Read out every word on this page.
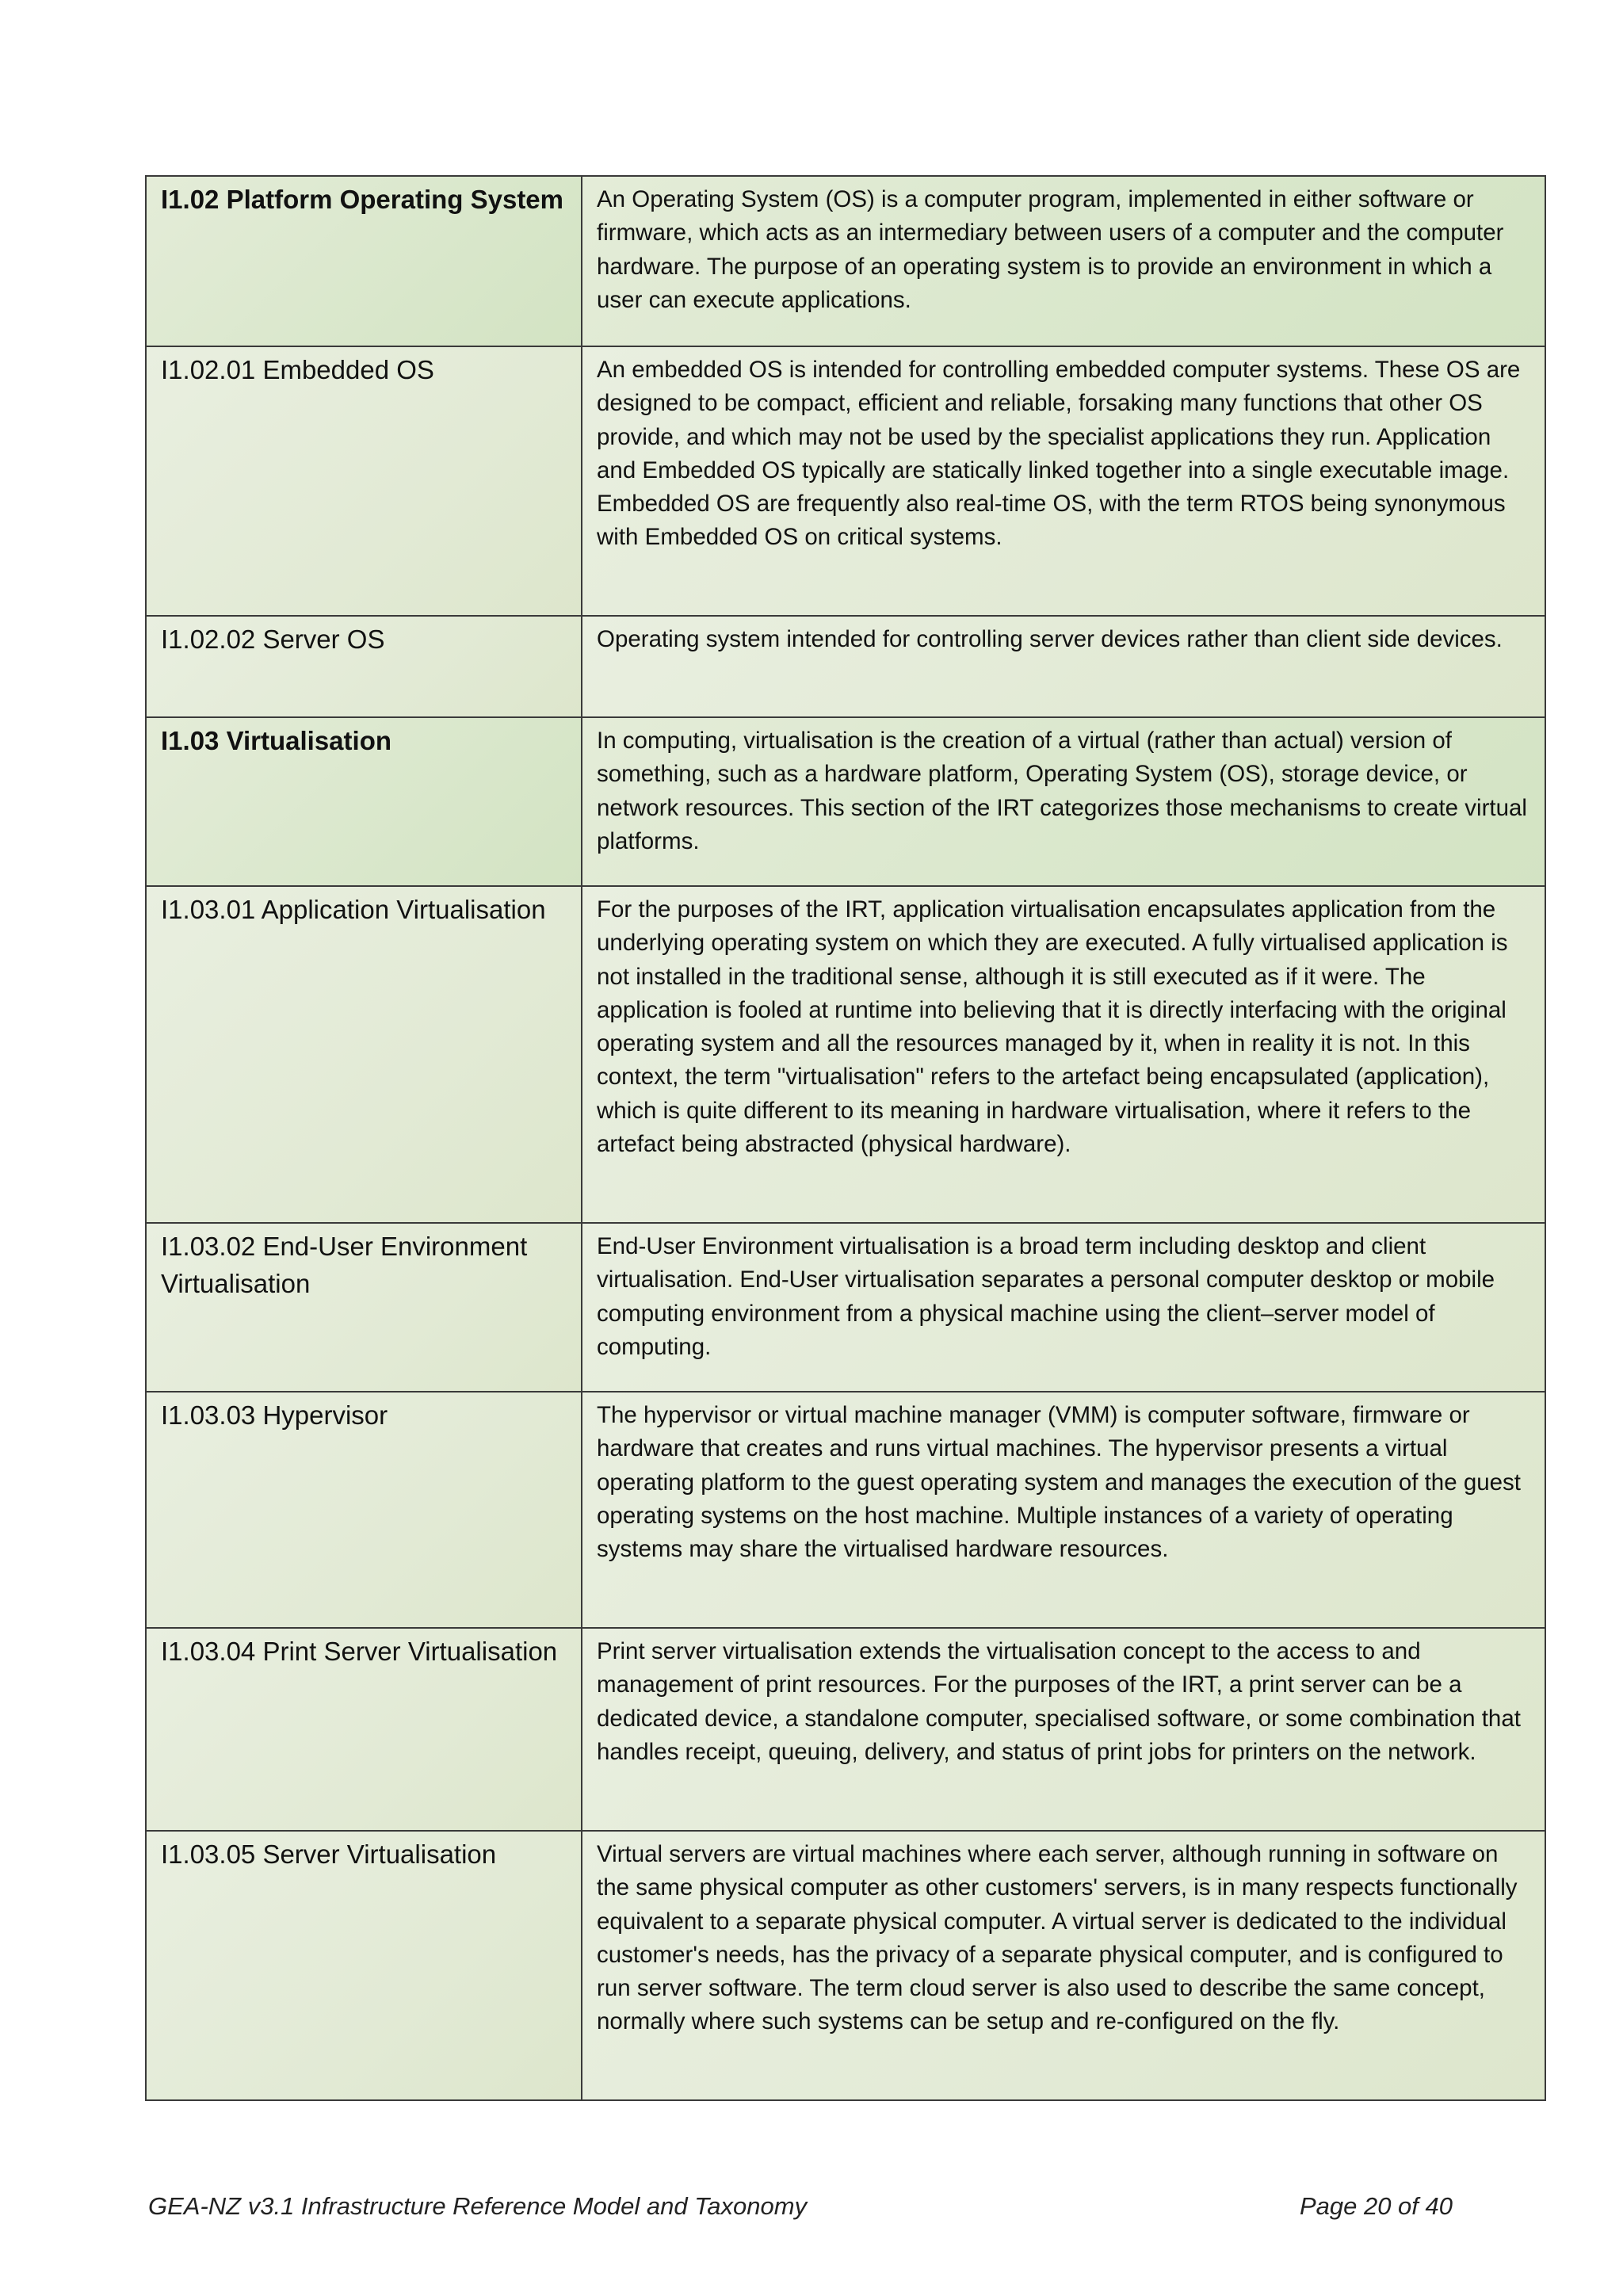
I1.02 Platform Operating System	An Operating System (OS) is a computer program, implemented in either software or firmware, which acts as an intermediary between users of a computer and the computer hardware. The purpose of an operating system is to provide an environment in which a user can execute applications.
I1.02.01 Embedded OS	An embedded OS is intended for controlling embedded computer systems. These OS are designed to be compact, efficient and reliable, forsaking many functions that other OS provide, and which may not be used by the specialist applications they run. Application and Embedded OS typically are statically linked together into a single executable image. Embedded OS are frequently also real-time OS, with the term RTOS being synonymous with Embedded OS on critical systems.
I1.02.02 Server OS	Operating system intended for controlling server devices rather than client side devices.
I1.03 Virtualisation	In computing, virtualisation is the creation of a virtual (rather than actual) version of something, such as a hardware platform, Operating System (OS), storage device, or network resources. This section of the IRT categorizes those mechanisms to create virtual platforms.
I1.03.01 Application Virtualisation	For the purposes of the IRT, application virtualisation encapsulates application from the underlying operating system on which they are executed. A fully virtualised application is not installed in the traditional sense, although it is still executed as if it were. The application is fooled at runtime into believing that it is directly interfacing with the original operating system and all the resources managed by it, when in reality it is not. In this context, the term "virtualisation" refers to the artefact being encapsulated (application), which is quite different to its meaning in hardware virtualisation, where it refers to the artefact being abstracted (physical hardware).
I1.03.02 End-User Environment Virtualisation	End-User Environment virtualisation is a broad term including desktop and client virtualisation. End-User virtualisation separates a personal computer desktop or mobile computing environment from a physical machine using the client–server model of computing.
I1.03.03 Hypervisor	The hypervisor or virtual machine manager (VMM) is computer software, firmware or hardware that creates and runs virtual machines. The hypervisor presents a virtual operating platform to the guest operating system and manages the execution of the guest operating systems on the host machine. Multiple instances of a variety of operating systems may share the virtualised hardware resources.
I1.03.04 Print Server Virtualisation	Print server virtualisation extends the virtualisation concept to the access to and management of print resources. For the purposes of the IRT, a print server can be a dedicated device, a standalone computer, specialised software, or some combination that handles receipt, queuing, delivery, and status of print jobs for printers on the network.
I1.03.05 Server Virtualisation	Virtual servers are virtual machines where each server, although running in software on the same physical computer as other customers' servers, is in many respects functionally equivalent to a separate physical computer. A virtual server is dedicated to the individual customer's needs, has the privacy of a separate physical computer, and is configured to run server software. The term cloud server is also used to describe the same concept, normally where such systems can be setup and re-configured on the fly.
GEA-NZ v3.1 Infrastructure Reference Model and Taxonomy	Page 20 of 40
